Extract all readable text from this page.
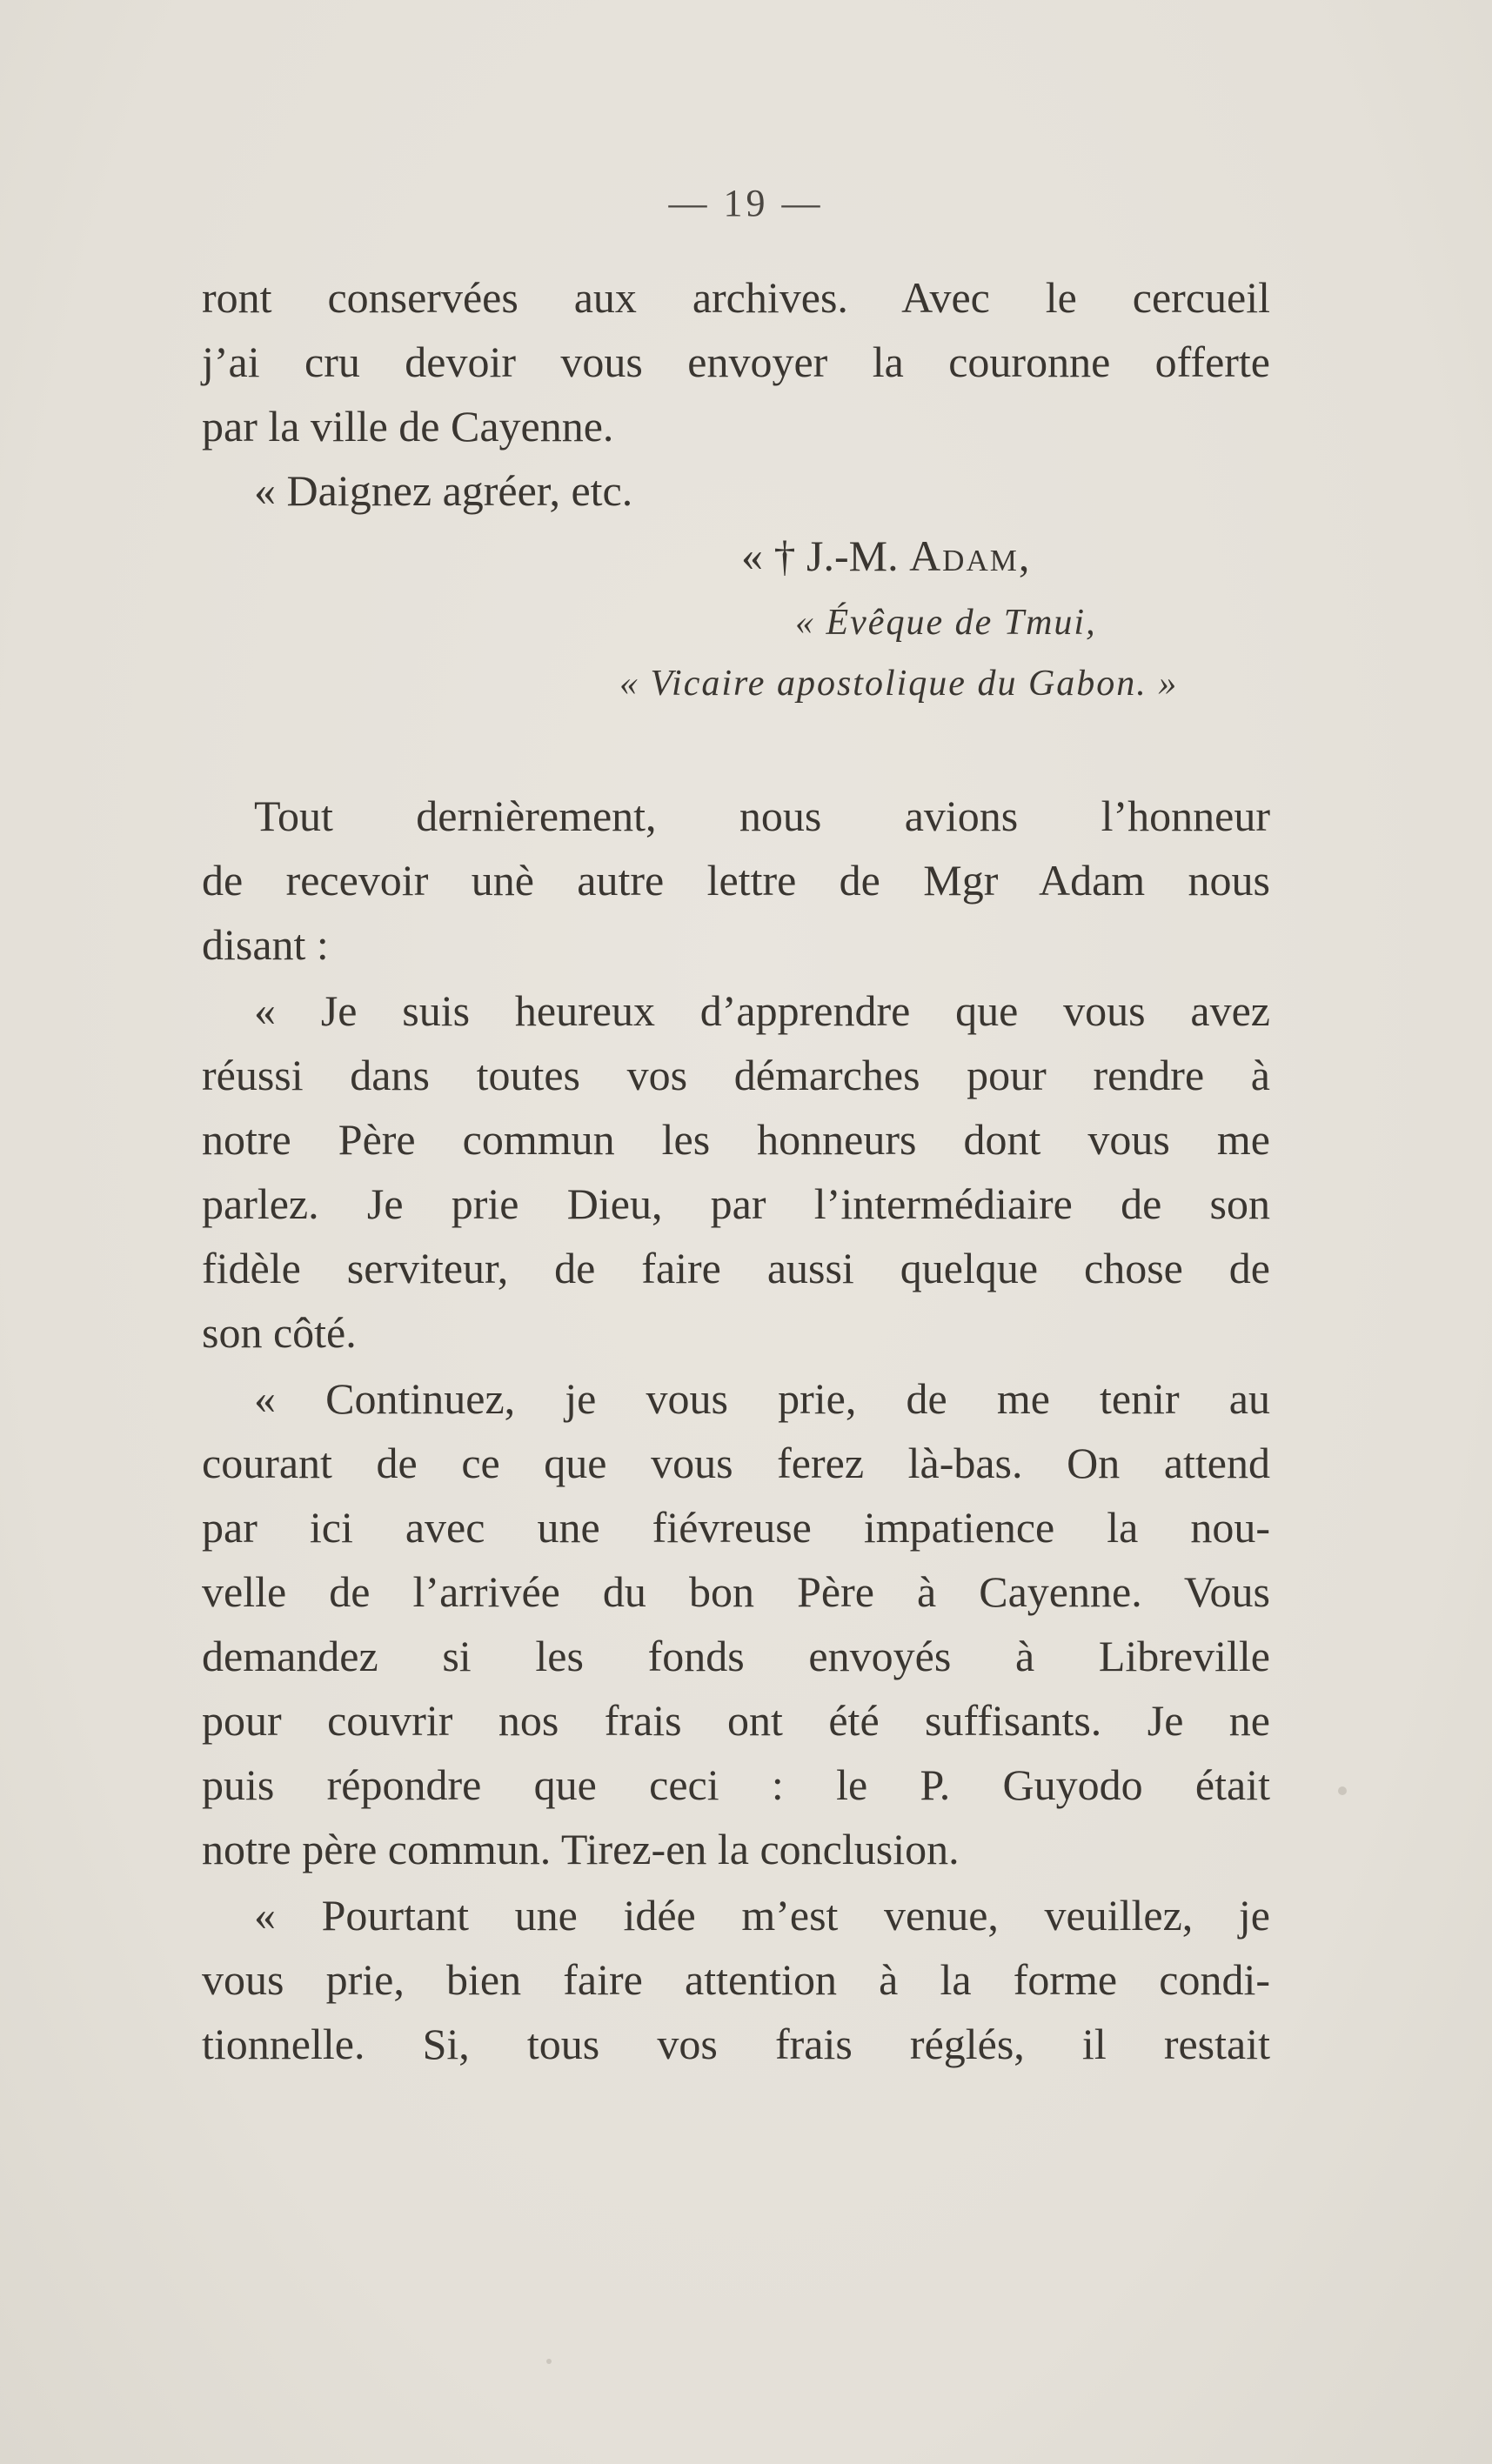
— 19 —
ront conservées aux archives. Avec le cercueil
j’ai cru devoir vous envoyer la couronne offerte
par la ville de Cayenne.
« Daignez agréer, etc.
« † J.-M. Adam,
« Évêque de Tmui,
« Vicaire apostolique du Gabon. »
Tout dernièrement, nous avions l’honneur
de recevoir unè autre lettre de Mgr Adam nous
disant :
« Je suis heureux d’apprendre que vous avez
réussi dans toutes vos démarches pour rendre à
notre Père commun les honneurs dont vous me
parlez. Je prie Dieu, par l’intermédiaire de son
fidèle serviteur, de faire aussi quelque chose de
son côté.
« Continuez, je vous prie, de me tenir au
courant de ce que vous ferez là-bas. On attend
par ici avec une fiévreuse impatience la nou-
velle de l’arrivée du bon Père à Cayenne. Vous
demandez si les fonds envoyés à Libreville
pour couvrir nos frais ont été suffisants. Je ne
puis répondre que ceci : le P. Guyodo était
notre père commun. Tirez-en la conclusion.
« Pourtant une idée m’est venue, veuillez, je
vous prie, bien faire attention à la forme condi-
tionnelle. Si, tous vos frais réglés, il restait
